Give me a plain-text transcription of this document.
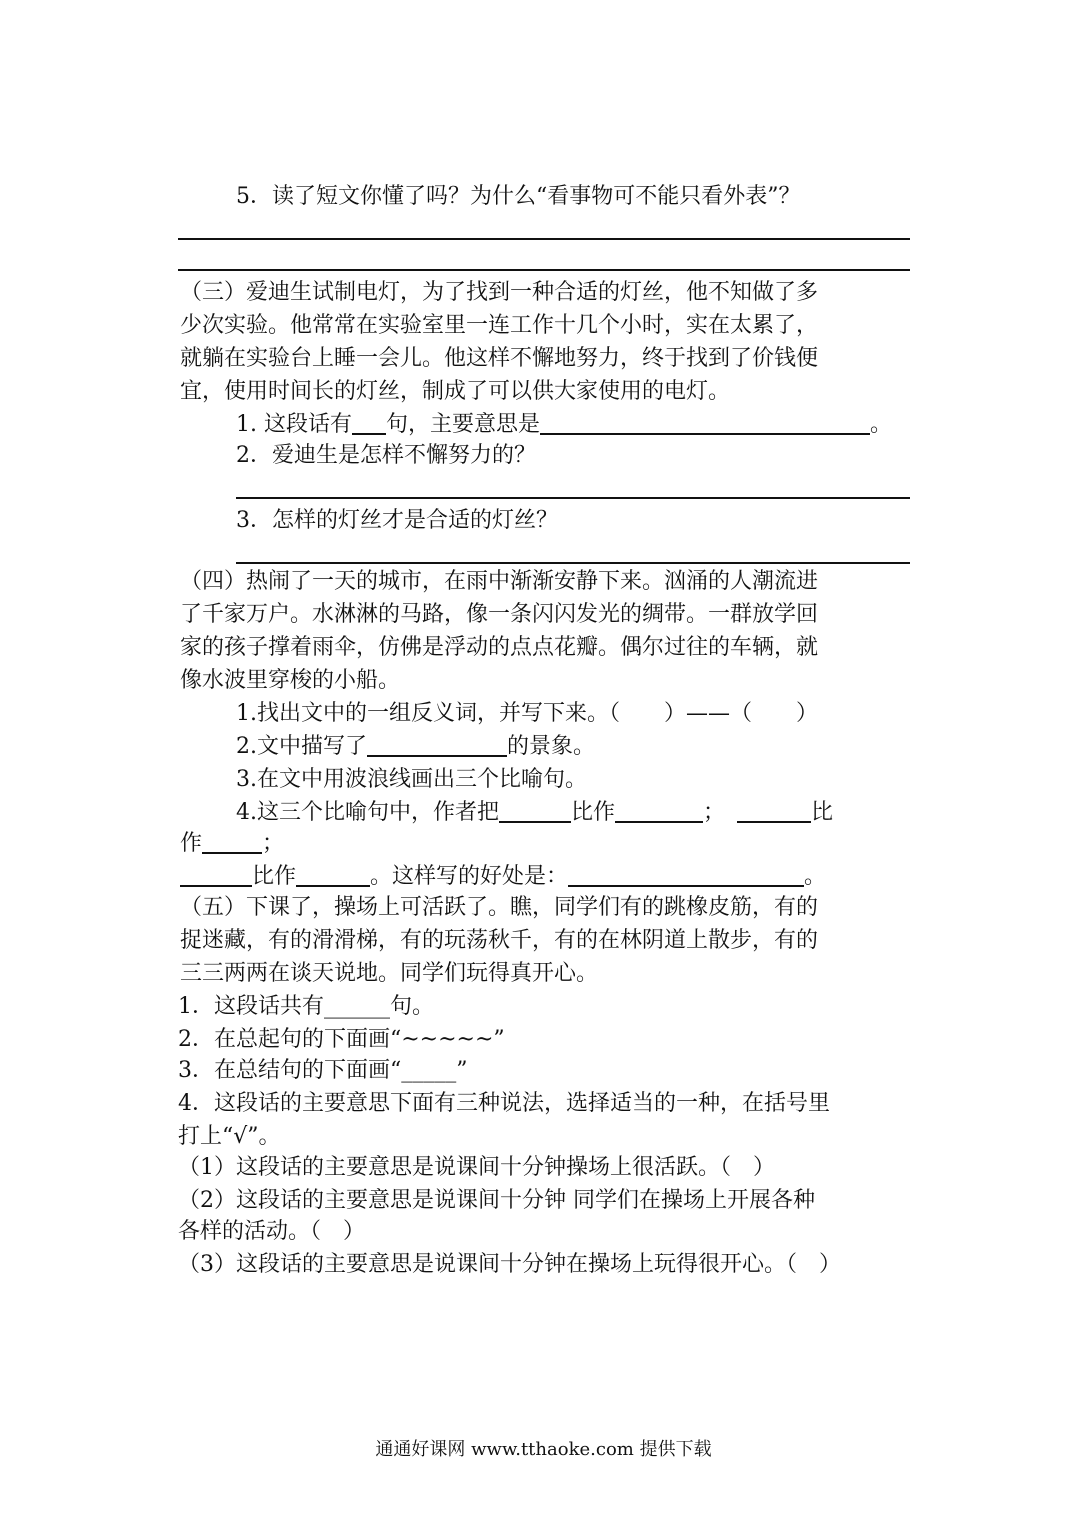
5．读了短文你懂了吗？为什么“看事物可不能只看外表”？
（三）爱迪生试制电灯，为了找到一种合适的灯丝，他不知做了多
少次实验。他常常在实验室里一连工作十几个小时，实在太累了，
就躺在实验台上睡一会儿。他这样不懈地努力，终于找到了价钱便
宜，使用时间长的灯丝，制成了可以供大家使用的电灯。
1. 这段话有 句，主要意思是	。
2．爱迪生是怎样不懈努力的？
3．怎样的灯丝才是合适的灯丝？
（四）热闹了一天的城市，在雨中渐渐安静下来。汹涌的人潮流进
了千家万户。水淋淋的马路，像一条闪闪发光的绸带。一群放学回
家的孩子撑着雨伞，仿佛是浮动的点点花瓣。偶尔过往的车辆，就
像水波里穿梭的小船。
1.找出文中的一组反义词，并写下来。（　　）——（　　）
2.文中描写了	的景象。
3.在文中用波浪线画出三个比喻句。
4.这三个比喻句中，作者把	比作	；	比
作	；
比作	。这样写的好处是：	。
（五）下课了，操场上可活跃了。瞧，同学们有的跳橡皮筋，有的
捉迷藏，有的滑滑梯，有的玩荡秋千，有的在林阴道上散步，有的
三三两两在谈天说地。同学们玩得真开心。
1．这段话共有______句。
2．在总起句的下面画“~~~~~”
3．在总结句的下面画“_____”
4．这段话的主要意思下面有三种说法，选择适当的一种，在括号里
打上“√”。
（1）这段话的主要意思是说课间十分钟操场上很活跃。（　）
（2）这段话的主要意思是说课间十分钟 同学们在操场上开展各种
各样的活动。（　）
（3）这段话的主要意思是说课间十分钟在操场上玩得很开心。（　）
通通好课网 www.tthaoke.com 提供下载
